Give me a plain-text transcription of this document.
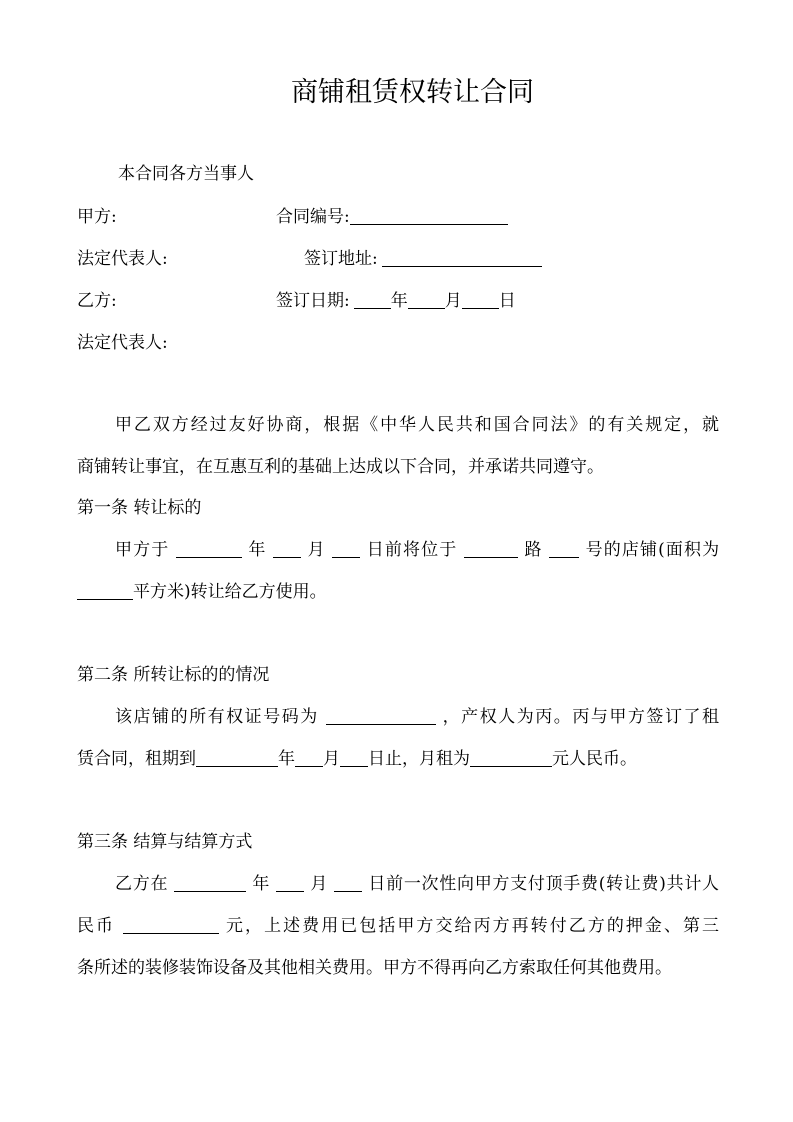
商铺租赁权转让合同
本合同各方当事人
甲方:	合同编号:
法定代表人:	签订地址:
乙方:	签订日期: 年 月 日
法定代表人:
甲乙双方经过友好协商，根据《中华人民共和国合同法》的有关规定，就
商铺转让事宜，在互惠互利的基础上达成以下合同，并承诺共同遵守。
第一条 转让标的
甲方于	年 月 日前将位于	路	号的店铺(面积为
平方米)转让给乙方使用。
第二条 所转让标的的情况
该店铺的所有权证号码为	，产权人为丙。丙与甲方签订了租
赁合同，租期到	年 月 日止，月租为	元人民币。
第三条 结算与结算方式
乙方在	年 月 日前一次性向甲方支付顶手费(转让费)共计人
民币	元，上述费用已包括甲方交给丙方再转付乙方的押金、第三
条所述的装修装饰设备及其他相关费用。甲方不得再向乙方索取任何其他费用。
